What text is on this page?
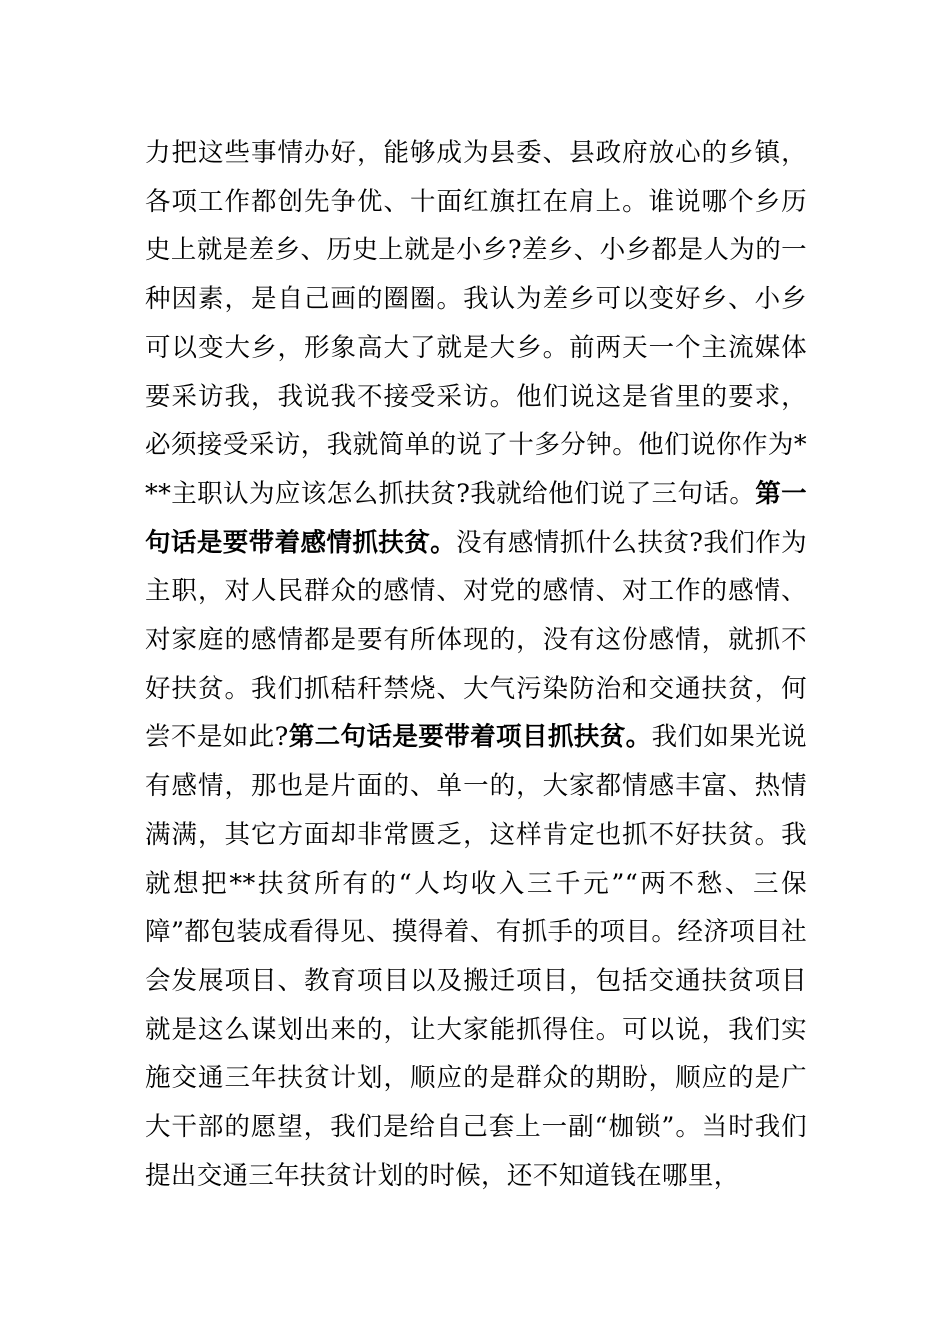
力把这些事情办好，能够成为县委、县政府放心的乡镇，各项工作都创先争优、十面红旗扛在肩上。谁说哪个乡历史上就是差乡、历史上就是小乡?差乡、小乡都是人为的一种因素，是自己画的圈圈。我认为差乡可以变好乡、小乡可以变大乡，形象高大了就是大乡。前两天一个主流媒体要采访我，我说我不接受采访。他们说这是省里的要求，必须接受采访，我就简单的说了十多分钟。他们说你作为***主职认为应该怎么抓扶贫?我就给他们说了三句话。第一句话是要带着感情抓扶贫。没有感情抓什么扶贫?我们作为主职，对人民群众的感情、对党的感情、对工作的感情、对家庭的感情都是要有所体现的，没有这份感情，就抓不好扶贫。我们抓秸秆禁烧、大气污染防治和交通扶贫，何尝不是如此?第二句话是要带着项目抓扶贫。我们如果光说有感情，那也是片面的、单一的，大家都情感丰富、热情满满，其它方面却非常匮乏，这样肯定也抓不好扶贫。我就想把**扶贫所有的“人均收入三千元”“两不愁、三保障”都包装成看得见、摸得着、有抓手的项目。经济项目社会发展项目、教育项目以及搬迁项目，包括交通扶贫项目就是这么谋划出来的，让大家能抓得住。可以说，我们实施交通三年扶贫计划，顺应的是群众的期盼，顺应的是广大干部的愿望，我们是给自己套上一副“枷锁”。当时我们提出交通三年扶贫计划的时候，还不知道钱在哪里，
